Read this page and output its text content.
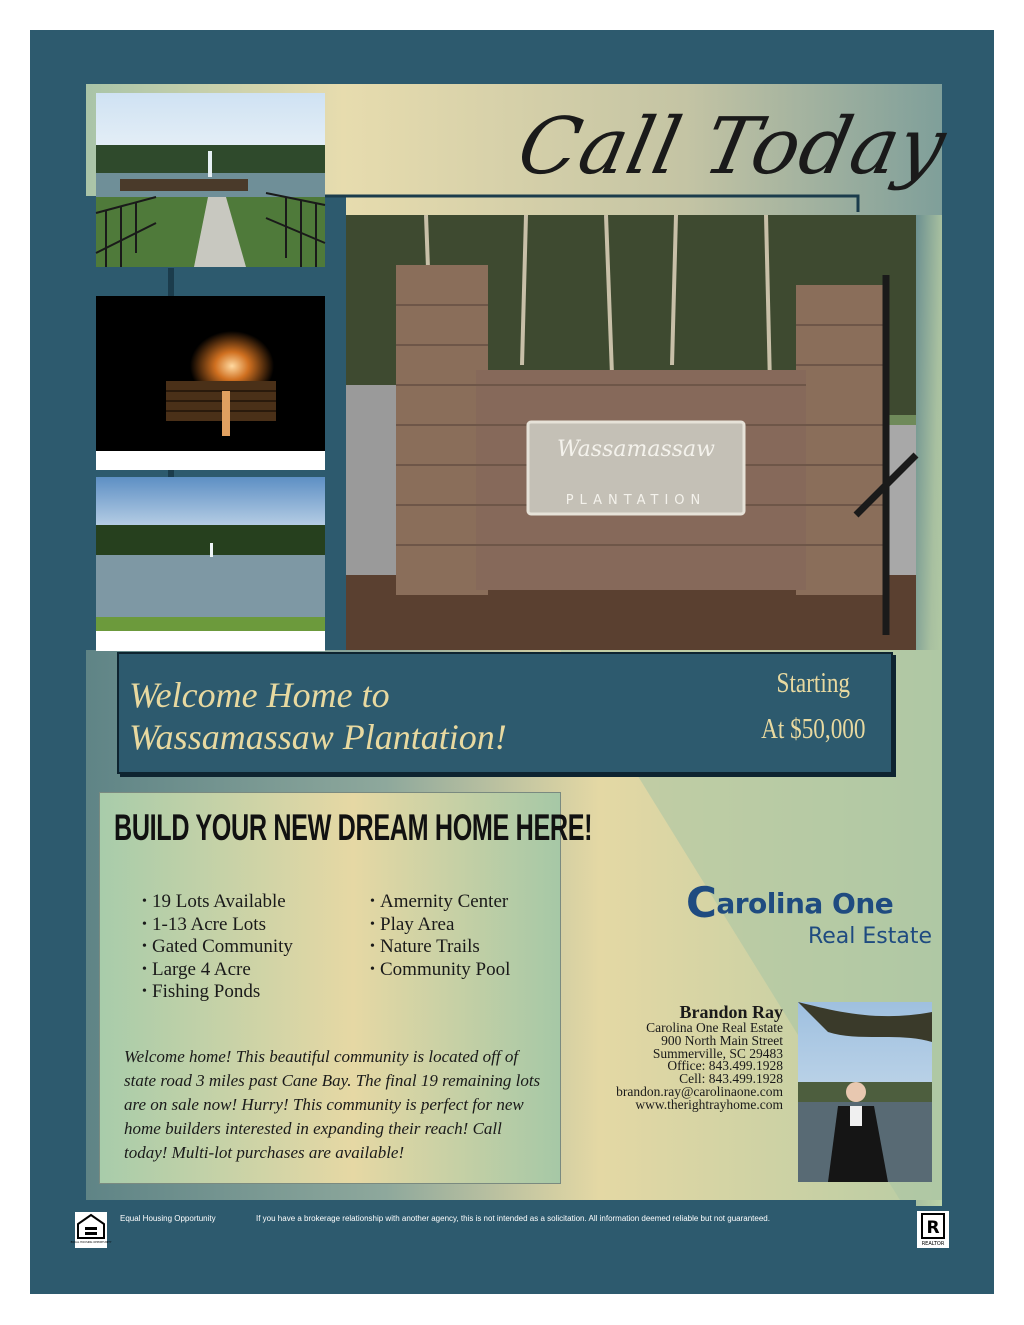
Wassamassaw
PLANTATION
Call Today
Welcome Home to
Wassamassaw Plantation!
Starting
At $50,000
BUILD YOUR NEW DREAM HOME HERE!
• 19 Lots Available
• 1-13 Acre Lots
• Gated Community
• Large 4 Acre
• Fishing Ponds
• Amernity Center
• Play Area
• Nature Trails
• Community Pool
Welcome home! This beautiful community is located off of state road 3 miles past Cane Bay. The final 19 remaining lots are on sale now! Hurry! This community is perfect for new home builders interested in expanding their reach! Call today! Multi-lot purchases are available!
Carolina One
Real Estate
Brandon Ray
Carolina One Real Estate
900 North Main Street
Summerville, SC 29483
Office: 843.499.1928
Cell: 843.499.1928
brandon.ray@carolinaone.com
www.therightrayhome.com
EQUAL HOUSING OPPORTUNITY
Equal Housing Opportunity	If you have a brokerage relationship with another agency, this is not intended as a solicitation. All information deemed reliable but not guaranteed.	R
REALTOR
